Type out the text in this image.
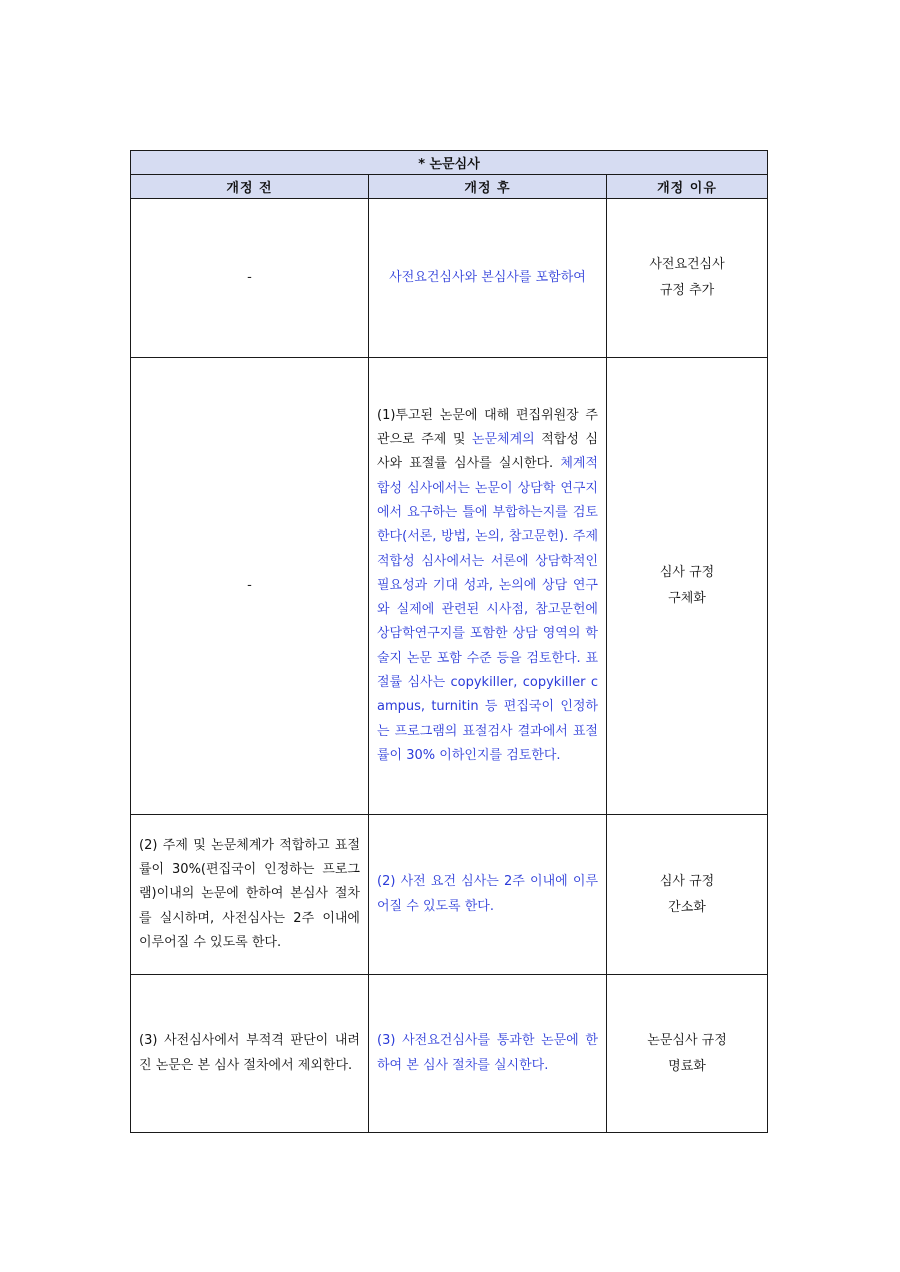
* 논문심사		
개정 전	개정 후	개정 이유
-	사전요건심사와 본심사를 포함하여	사전요건심사
규정 추가

-	(1)투고된 논문에 대해 편집위원장 주관으로 주제 및 논문체계의 적합성 심사와 표절률 심사를 실시한다. 체계적합성 심사에서는 논문이 상담학 연구지에서 요구하는 틀에 부합하는지를 검토한다(서론, 방법, 논의, 참고문헌). 주제적합성 심사에서는 서론에 상담학적인 필요성과 기대 성과, 논의에 상담 연구와 실제에 관련된 시사점, 참고문헌에 상담학연구지를 포함한 상담 영역의 학술지 논문 포함 수준 등을 검토한다. 표절률 심사는 copykiller, copykiller campus, turnitin 등 편집국이 인정하는 프로그램의 표절검사 결과에서 표절률이 30% 이하인지를 검토한다.	심사 규정
구체화

(2) 주제 및 논문체계가 적합하고 표절률이 30%(편집국이 인정하는 프로그램)이내의 논문에 한하여 본심사 절차를 실시하며, 사전심사는 2주 이내에 이루어질 수 있도록 한다.	(2) 사전 요건 심사는 2주 이내에 이루어질 수 있도록 한다.	심사 규정
간소화

(3) 사전심사에서 부적격 판단이 내려진 논문은 본 심사 절차에서 제외한다.	(3) 사전요건심사를 통과한 논문에 한하여 본 심사 절차를 실시한다.	논문심사 규정
명료화
